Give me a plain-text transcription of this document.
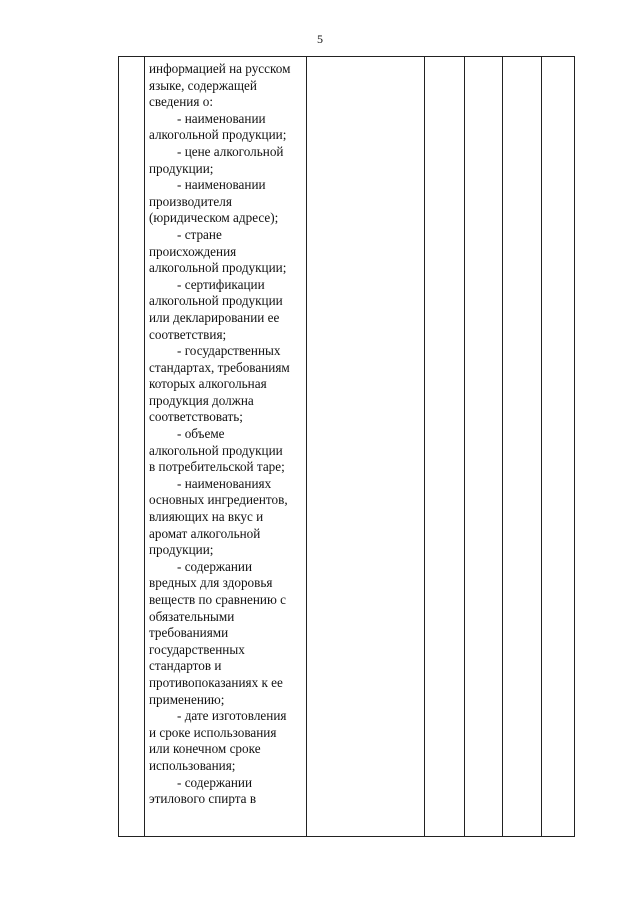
5
информацией на русском
языке, содержащей
сведения о:
- наименовании
алкогольной продукции;
- цене алкогольной
продукции;
- наименовании
производителя
(юридическом адресе);
- стране
происхождения
алкогольной продукции;
- сертификации
алкогольной продукции
или декларировании ее
соответствия;
- государственных
стандартах, требованиям
которых алкогольная
продукция должна
соответствовать;
- объеме
алкогольной продукции
в потребительской таре;
- наименованиях
основных ингредиентов,
влияющих на вкус и
аромат алкогольной
продукции;
- содержании
вредных для здоровья
веществ по сравнению с
обязательными
требованиями
государственных
стандартов и
противопоказаниях к ее
применению;
- дате изготовления
и сроке использования
или конечном сроке
использования;
- содержании
этилового спирта в
